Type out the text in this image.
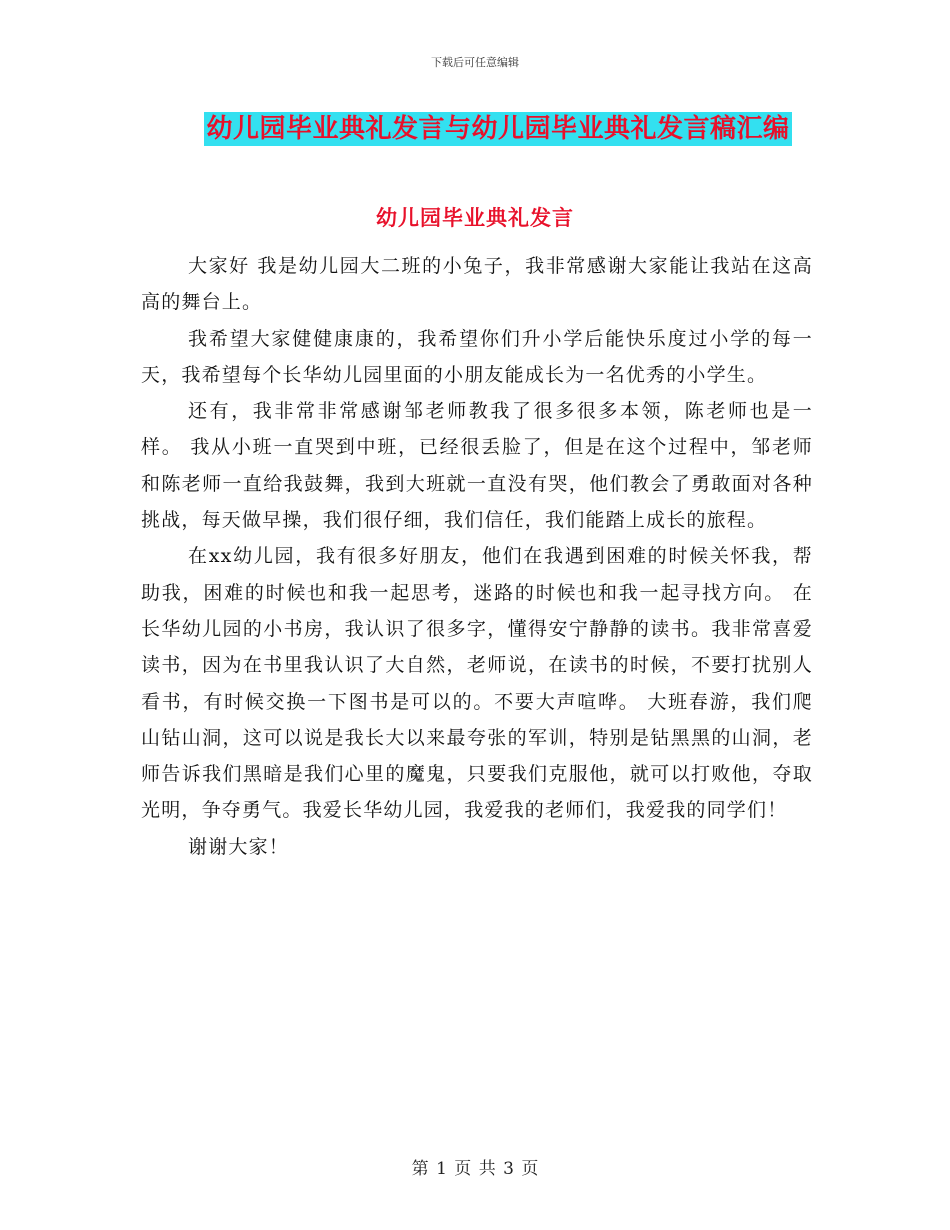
下载后可任意编辑
幼儿园毕业典礼发言与幼儿园毕业典礼发言稿汇编
幼儿园毕业典礼发言

大家好 我是幼儿园大二班的小兔子，我非常感谢大家能让我站在这高高的舞台上。

我希望大家健健康康的，我希望你们升小学后能快乐度过小学的每一天，我希望每个长华幼儿园里面的小朋友能成长为一名优秀的小学生。

还有，我非常非常感谢邹老师教我了很多很多本领，陈老师也是一样。 我从小班一直哭到中班，已经很丢脸了，但是在这个过程中，邹老师和陈老师一直给我鼓舞，我到大班就一直没有哭，他们教会了勇敢面对各种挑战，每天做早操，我们很仔细，我们信任，我们能踏上成长的旅程。

在xx幼儿园，我有很多好朋友，他们在我遇到困难的时候关怀我，帮助我，困难的时候也和我一起思考，迷路的时候也和我一起寻找方向。 在长华幼儿园的小书房，我认识了很多字，懂得安宁静静的读书。我非常喜爱读书，因为在书里我认识了大自然，老师说，在读书的时候，不要打扰别人看书，有时候交换一下图书是可以的。不要大声喧哗。 大班春游，我们爬山钻山洞，这可以说是我长大以来最夸张的军训，特别是钻黑黑的山洞，老师告诉我们黑暗是我们心里的魔鬼，只要我们克服他，就可以打败他，夺取光明，争夺勇气。我爱长华幼儿园，我爱我的老师们，我爱我的同学们！

谢谢大家！

第 1 页 共 3 页
